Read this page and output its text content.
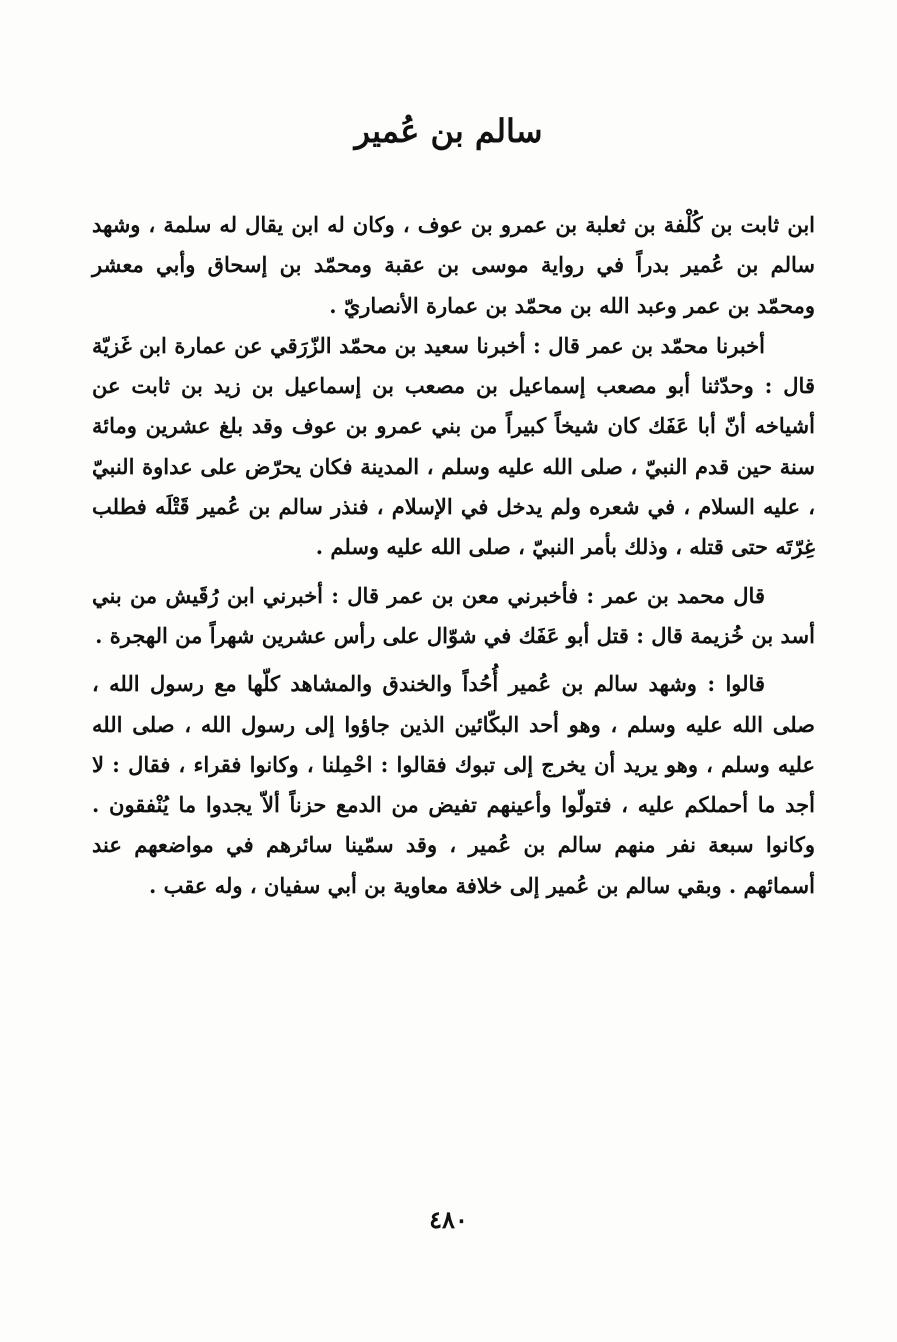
سالم بن عُمير

ابن ثابت بن كُلْفة بن ثعلبة بن عمرو بن عوف ، وكان له ابن يقال له سلمة ، وشهد سالم بن عُمير بدراً في رواية موسى بن عقبة ومحمّد بن إسحاق وأبي معشر ومحمّد بن عمر وعبد الله بن محمّد بن عمارة الأنصاريّ .

أخبرنا محمّد بن عمر قال : أخبرنا سعيد بن محمّد الزّرَقي عن عمارة ابن غَزيّة قال : وحدّثنا أبو مصعب إسماعيل بن مصعب بن إسماعيل بن زيد بن ثابت عن أشياخه أنّ أبا عَفَك كان شيخاً كبيراً من بني عمرو بن عوف وقد بلغ عشرين ومائة سنة حين قدم النبيّ ، صلى الله عليه وسلم ، المدينة فكان يحرّض على عداوة النبيّ ، عليه السلام ، في شعره ولم يدخل في الإسلام ، فنذر سالم بن عُمير قَتْلَه فطلب غِرّتَه حتى قتله ، وذلك بأمر النبيّ ، صلى الله عليه وسلم .

قال محمد بن عمر : فأخبرني معن بن عمر قال : أخبرني ابن رُقَيش من بني أسد بن خُزيمة قال : قتل أبو عَفَك في شوّال على رأس عشرين شهراً من الهجرة .

قالوا : وشهد سالم بن عُمير أُحُداً والخندق والمشاهد كلّها مع رسول الله ، صلى الله عليه وسلم ، وهو أحد البكّائين الذين جاؤوا إلى رسول الله ، صلى الله عليه وسلم ، وهو يريد أن يخرج إلى تبوك فقالوا : احْمِلنا ، وكانوا فقراء ، فقال : لا أجد ما أحملكم عليه ، فتولّوا وأعينهم تفيض من الدمع حزناً ألاّ يجدوا ما يُنْفقون . وكانوا سبعة نفر منهم سالم بن عُمير ، وقد سمّينا سائرهم في مواضعهم عند أسمائهم . وبقي سالم بن عُمير إلى خلافة معاوية بن أبي سفيان ، وله عقب .

٤٨٠
